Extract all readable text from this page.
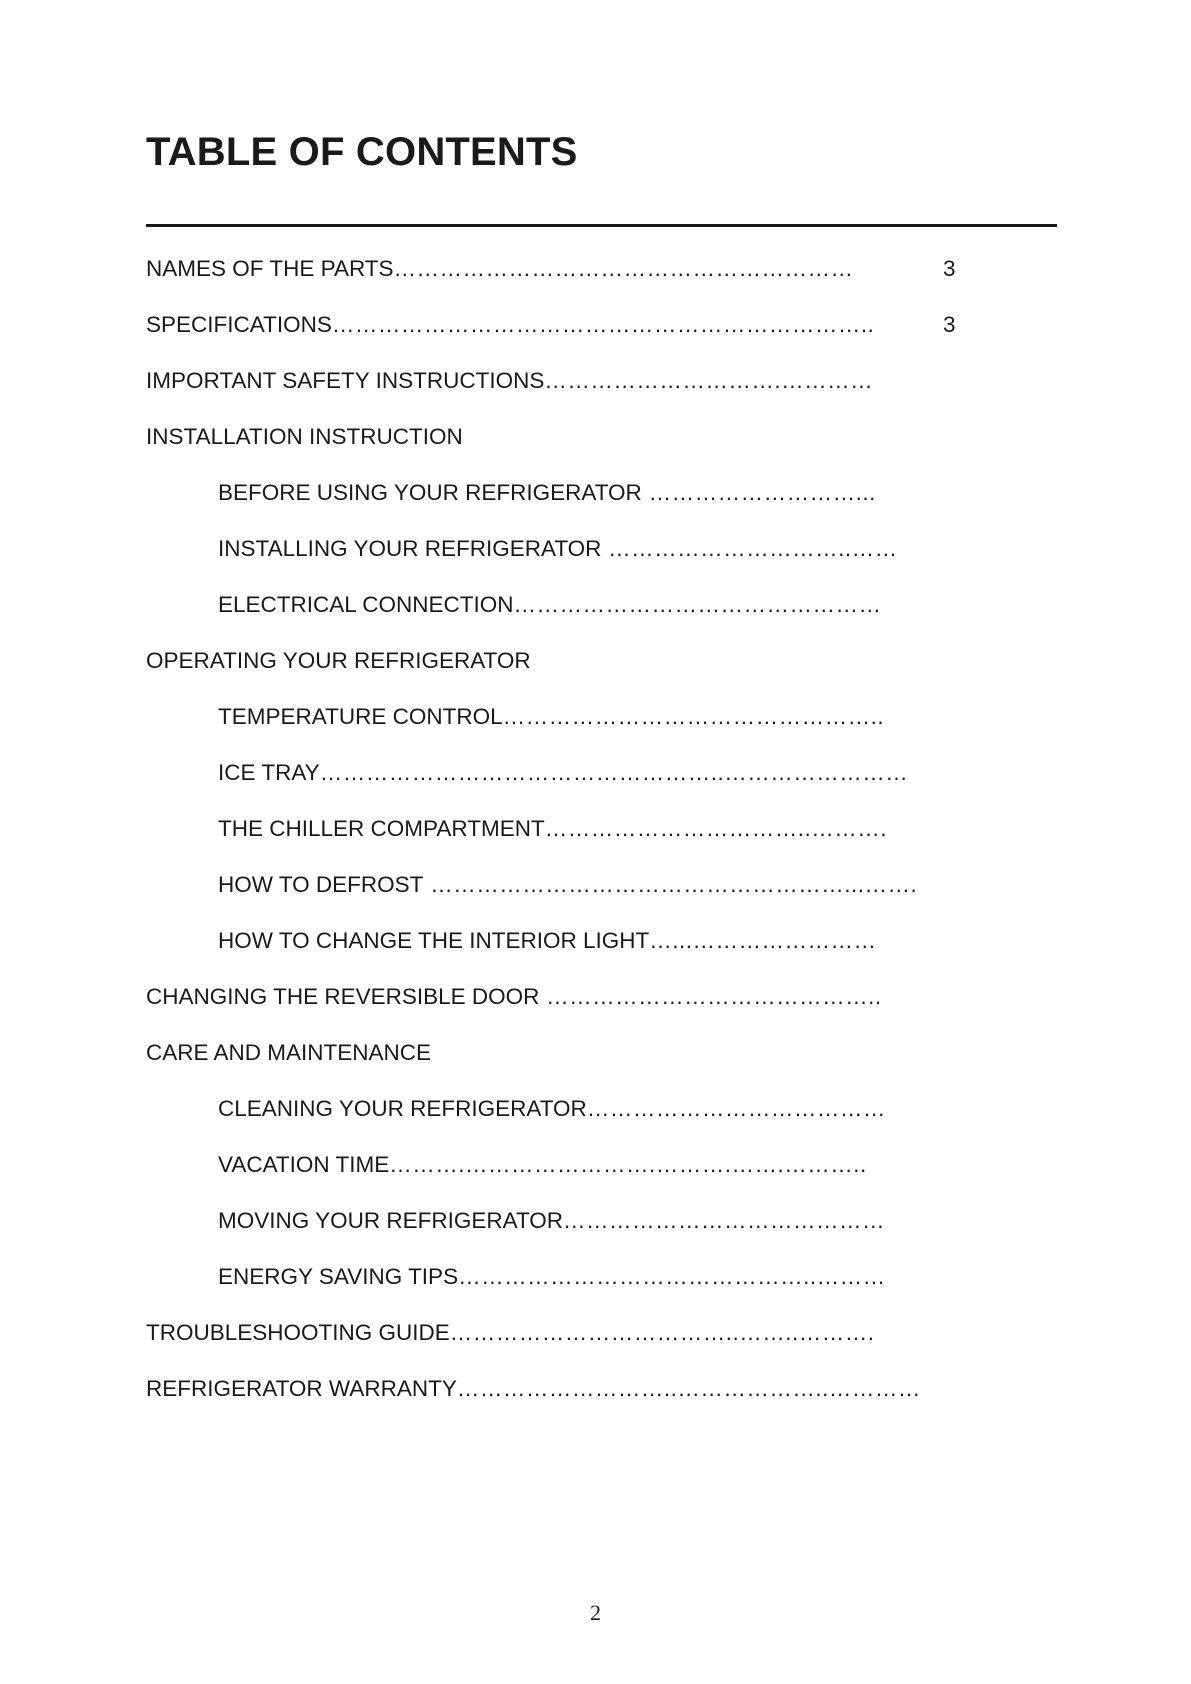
TABLE OF CONTENTS
NAMES OF THE PARTS……………………………………………………	3
SPECIFICATIONS……………………………………………………………..	3
IMPORTANT SAFETY INSTRUCTIONS………………………….…………
INSTALLATION INSTRUCTION
BEFORE USING YOUR REFRIGERATOR ………………………...
INSTALLING YOUR REFRIGERATOR …………………………..……
ELECTRICAL CONNECTION…………………………………………
OPERATING YOUR REFRIGERATOR
TEMPERATURE CONTROL…………………………………………..
ICE TRAY……………………………………………..……………………
THE CHILLER COMPARTMENT……………………………..……….
HOW TO DEFROST ………………………………………………...…….
HOW TO CHANGE THE INTERIOR LIGHT…...……………………
CHANGING THE REVERSIBLE DOOR ……………………………………..
CARE AND MAINTENANCE
CLEANING YOUR REFRIGERATOR…………………………………
VACATION TIME……….…………………….……….…….………..
MOVING YOUR REFRIGERATOR……………………………………
ENERGY SAVING TIPS………………………………………..………
TROUBLESHOOTING GUIDE………………………………..……..……….
REFRIGERATOR WARRANTY………………………..………………..…………
2
